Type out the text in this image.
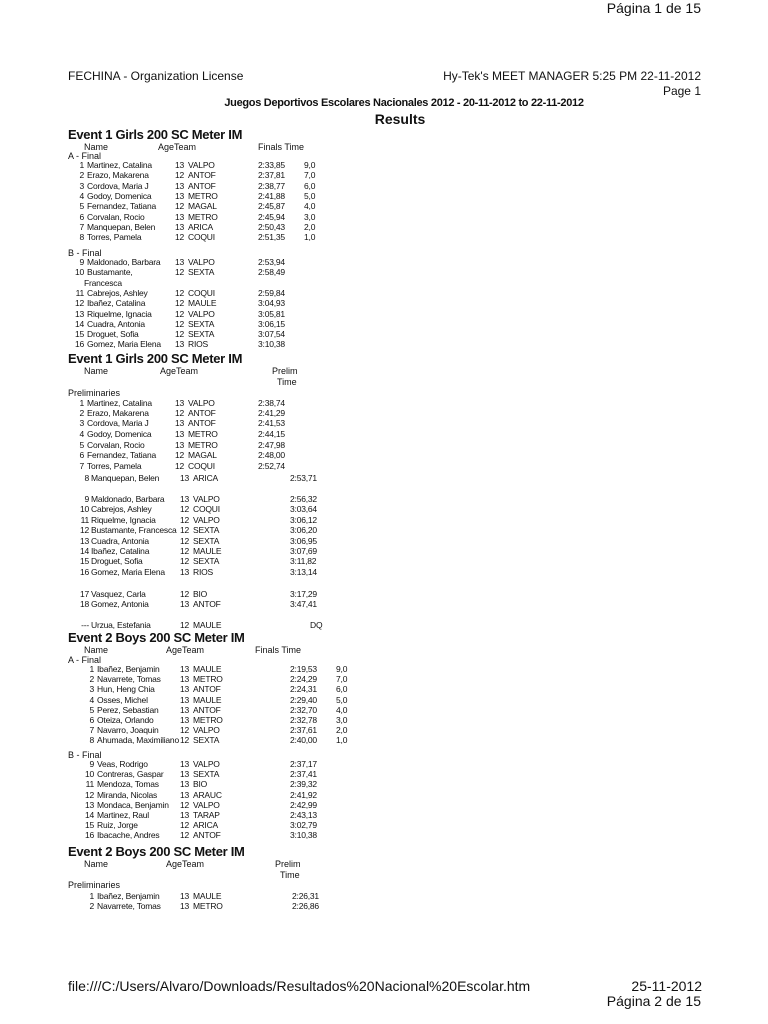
Página 1 de 15
FECHINA - Organization License	Hy-Tek's MEET MANAGER 5:25 PM 22-11-2012
Page 1
Juegos Deportivos Escolares Nacionales 2012 - 20-11-2012 to 22-11-2012
Results
Event 1 Girls 200 SC Meter IM
Name	AgeTeam	Finals Time
A - Final
1 Martinez, Catalina	13 VALPO	2:33,85 9,0
2 Erazo, Makarena	12 ANTOF	2:37,81 7,0
3 Cordova, Maria J	13 ANTOF	2:38,77 6,0
4 Godoy, Domenica	13 METRO	2:41,88 5,0
5 Fernandez, Tatiana 12 MAGAL	2:45,87 4,0
6 Corvalan, Rocio	13 METRO	2:45,94 3,0
7 Manquepan, Belen 13 ARICA	2:50,43 2,0
8 Torres, Pamela	12 COQUI	2:51,35 1,0
B - Final
9 Maldonado, Barbara 13 VALPO	2:53,94
10 Bustamante,	12 SEXTA	2:58,49
Francesca
11 Cabrejos, Ashley	12 COQUI	2:59,84
12 Ibañez, Catalina	12 MAULE	3:04,93
13 Riquelme, Ignacia	12 VALPO	3:05,81
14 Cuadra, Antonia	12 SEXTA	3:06,15
15 Droguet, Sofia	12 SEXTA	3:07,54
16 Gomez, Maria Elena 13 RIOS	3:10,38
Event 1 Girls 200 SC Meter IM
Name	AgeTeam	Prelim
Time
Preliminaries
1 Martinez, Catalina	13 VALPO	2:38,74
2 Erazo, Makarena	12 ANTOF	2:41,29
3 Cordova, Maria J	13 ANTOF	2:41,53
4 Godoy, Domenica	13 METRO	2:44,15
5 Corvalan, Rocio	13 METRO	2:47,98
6 Fernandez, Tatiana 12 MAGAL	2:48,00
7 Torres, Pamela	12 COQUI	2:52,74
8 Manquepan, Belen 13 ARICA	2:53,71
9 Maldonado, Barbara 13 VALPO	2:56,32
10 Cabrejos, Ashley	12 COQUI	3:03,64
11 Riquelme, Ignacia	12 VALPO	3:06,12
12 Bustamante, Francesca 12 SEXTA	3:06,20
13 Cuadra, Antonia	12 SEXTA	3:06,95
14 Ibañez, Catalina	12 MAULE	3:07,69
15 Droguet, Sofia	12 SEXTA	3:11,82
16 Gomez, Maria Elena 13 RIOS	3:13,14
17 Vasquez, Carla	12 BIO	3:17,29
18 Gomez, Antonia	13 ANTOF	3:47,41
--- Urzua, Estefania	12 MAULE	DQ
Event 2 Boys 200 SC Meter IM
Name	AgeTeam	Finals Time
A - Final
1 Ibañez, Benjamin 13 MAULE	2:19,53 9,0
2 Navarrete, Tomas 13 METRO	2:24,29 7,0
3 Hun, Heng Chia	13 ANTOF	2:24,31 6,0
4 Osses, Michel	13 MAULE	2:29,40 5,0
5 Perez, Sebastian	13 ANTOF	2:32,70 4,0
6 Oteiza, Orlando	13 METRO	2:32,78 3,0
7 Navarro, Joaquin	12 VALPO	2:37,61 2,0
8 Ahumada, Maximiliano 12 SEXTA	2:40,00 1,0
B - Final
9 Veas, Rodrigo	13 VALPO	2:37,17
10 Contreras, Gaspar 13 SEXTA	2:37,41
11 Mendoza, Tomas 13 BIO	2:39,32
12 Miranda, Nicolas	13 ARAUC	2:41,92
13 Mondaca, Benjamin 12 VALPO	2:42,99
14 Martinez, Raul	13 TARAP	2:43,13
15 Ruiz, Jorge	12 ARICA	3:02,79
16 Ibacache, Andres 12 ANTOF	3:10,38
Event 2 Boys 200 SC Meter IM
Name	AgeTeam	Prelim
Time
Preliminaries
1 Ibañez, Benjamin 13 MAULE	2:26,31
2 Navarrete, Tomas 13 METRO	2:26,86
file:///C:/Users/Alvaro/Downloads/Resultados%20Nacional%20Escolar.htm	25-11-2012
Página 2 de 15
